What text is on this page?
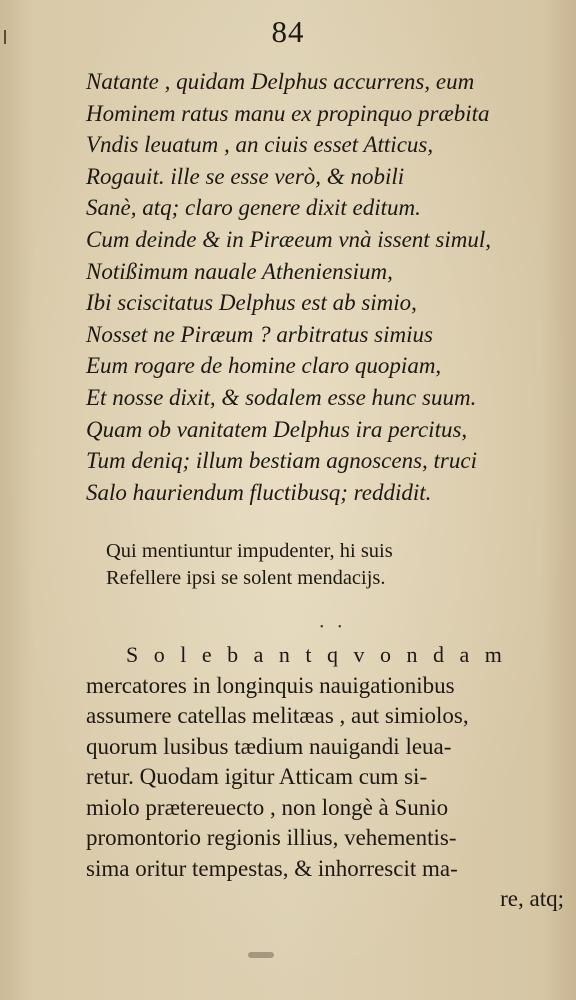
84
Natante , quidam Delphus accurrens, eum
Hominem ratus manu ex propinquo præbita
Vndis leuatum , an ciuis esset Atticus,
Rogauit. ille se esse verò, & nobili
Sanè, atq; claro genere dixit editum.
Cum deinde & in Piræeum vnà issent simul,
Notißimum nauale Atheniensium,
Ibi sciscitatus Delphus est ab simio,
Nosset ne Piræum ? arbitratus simius
Eum rogare de homine claro quopiam,
Et nosse dixit, & sodalem esse hunc suum.
Quam ob vanitatem Delphus ira percitus,
Tum deniq; illum bestiam agnoscens, truci
Salo hauriendum fluctibusq; reddidit.
Qui mentiuntur impudenter, hi suis
Refellere ipsi se solent mendacijs.
• •
S o l e b a n t q v o n d a m
mercatores in longinquis nauigationibus
assumere catellas melitæas , aut simiolos,
quorum lusibus tædium nauigandi leua-
retur. Quodam igitur Atticam cum si-
miolo prætereuecto , non longè à Sunio
promontorio regionis illius, vehementis-
sima oritur tempestas, & inhorrescit ma-
re, atq;
